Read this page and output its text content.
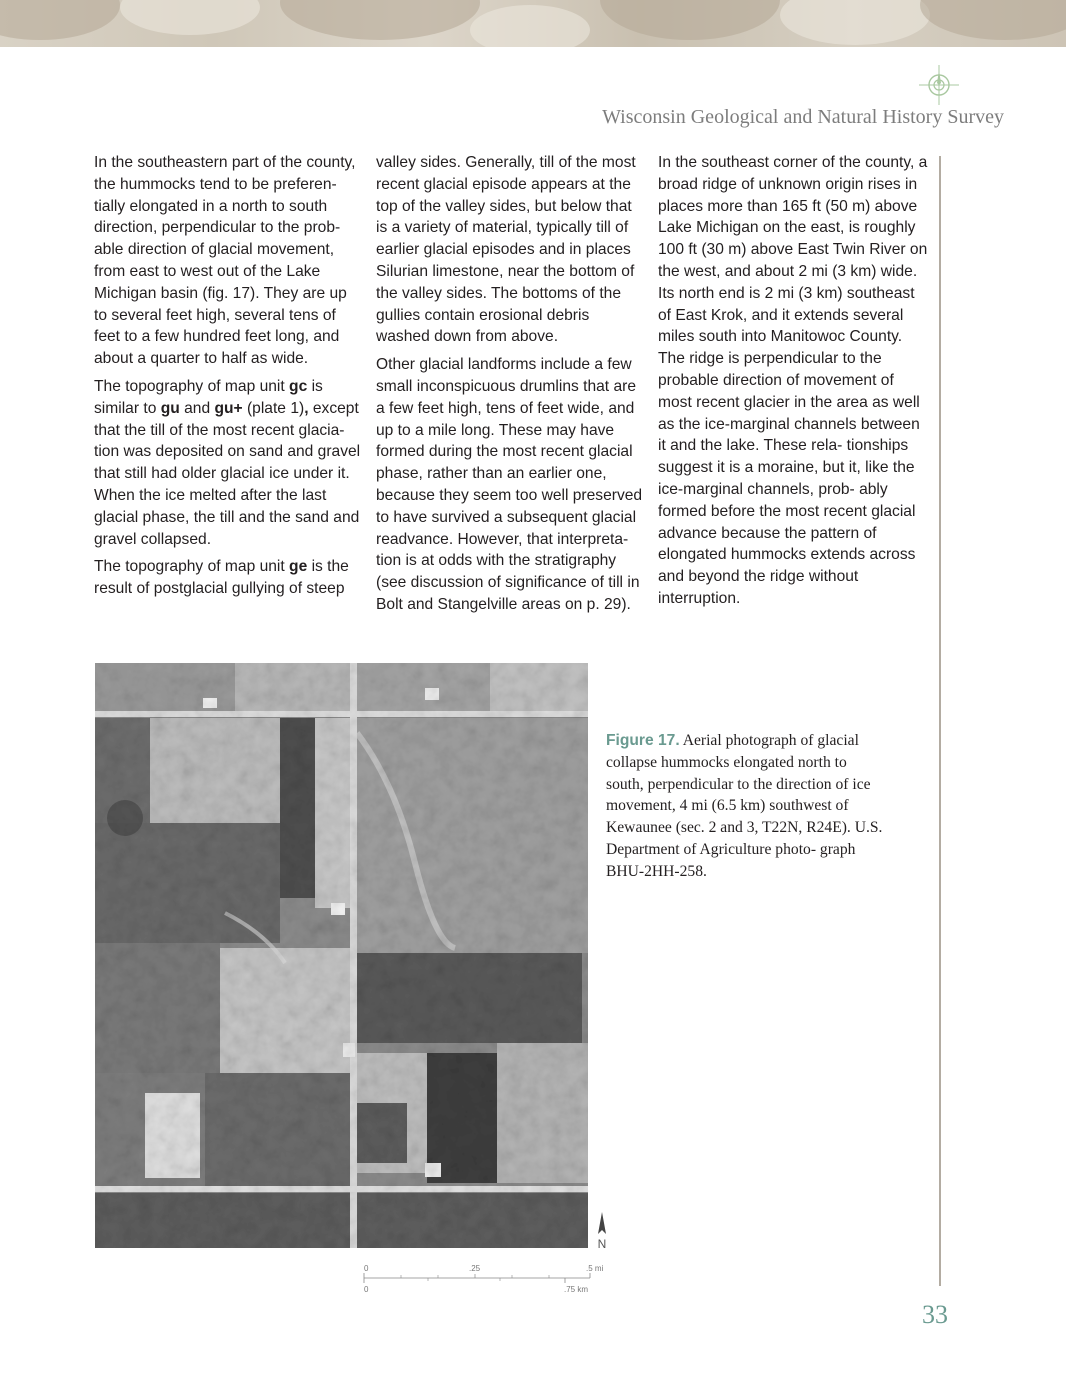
Wisconsin Geological and Natural History Survey

In the southeastern part of the county, the hummocks tend to be preferen- tially elongated in a north to south direction, perpendicular to the prob- able direction of glacial movement, from east to west out of the Lake Michigan basin (fig. 17). They are up to several feet high, several tens of feet to a few hundred feet long, and about a quarter to half as wide.

The topography of map unit gc is similar to gu and gu+ (plate 1), except that the till of the most recent glacia- tion was deposited on sand and gravel that still had older glacial ice under it. When the ice melted after the last glacial phase, the till and the sand and gravel collapsed.

The topography of map unit ge is the result of postglacial gullying of steep

valley sides. Generally, till of the most recent glacial episode appears at the top of the valley sides, but below that is a variety of material, typically till of earlier glacial episodes and in places Silurian limestone, near the bottom of the valley sides. The bottoms of the gullies contain erosional debris washed down from above.

Other glacial landforms include a few small inconspicuous drumlins that are a few feet high, tens of feet wide, and up to a mile long. These may have formed during the most recent glacial phase, rather than an earlier one, because they seem too well preserved to have survived a subsequent glacial readvance. However, that interpreta- tion is at odds with the stratigraphy (see discussion of significance of till in Bolt and Stangelville areas on p. 29).

In the southeast corner of the county, a broad ridge of unknown origin rises in places more than 165 ft (50 m) above Lake Michigan on the east, is roughly 100 ft (30 m) above East Twin River on the west, and about 2 mi (3 km) wide. Its north end is 2 mi (3 km) southeast of East Krok, and it extends several miles south into Manitowoc County. The ridge is perpendicular to the probable direction of movement of most recent glacier in the area as well as the ice-marginal channels between it and the lake. These rela- tionships suggest it is a moraine, but it, like the ice-marginal channels, prob- ably formed before the most recent glacial advance because the pattern of elongated hummocks extends across and beyond the ridge without interruption.

Figure 17. Aerial photograph of glacial collapse hummocks elongated north to south, perpendicular to the direction of ice movement, 4 mi (6.5 km) southwest of Kewaunee (sec. 2 and 3, T22N, R24E). U.S. Department of Agriculture photo- graph BHU-2HH-258.
N
0	.25	.5 mi
0	.75 km
33
